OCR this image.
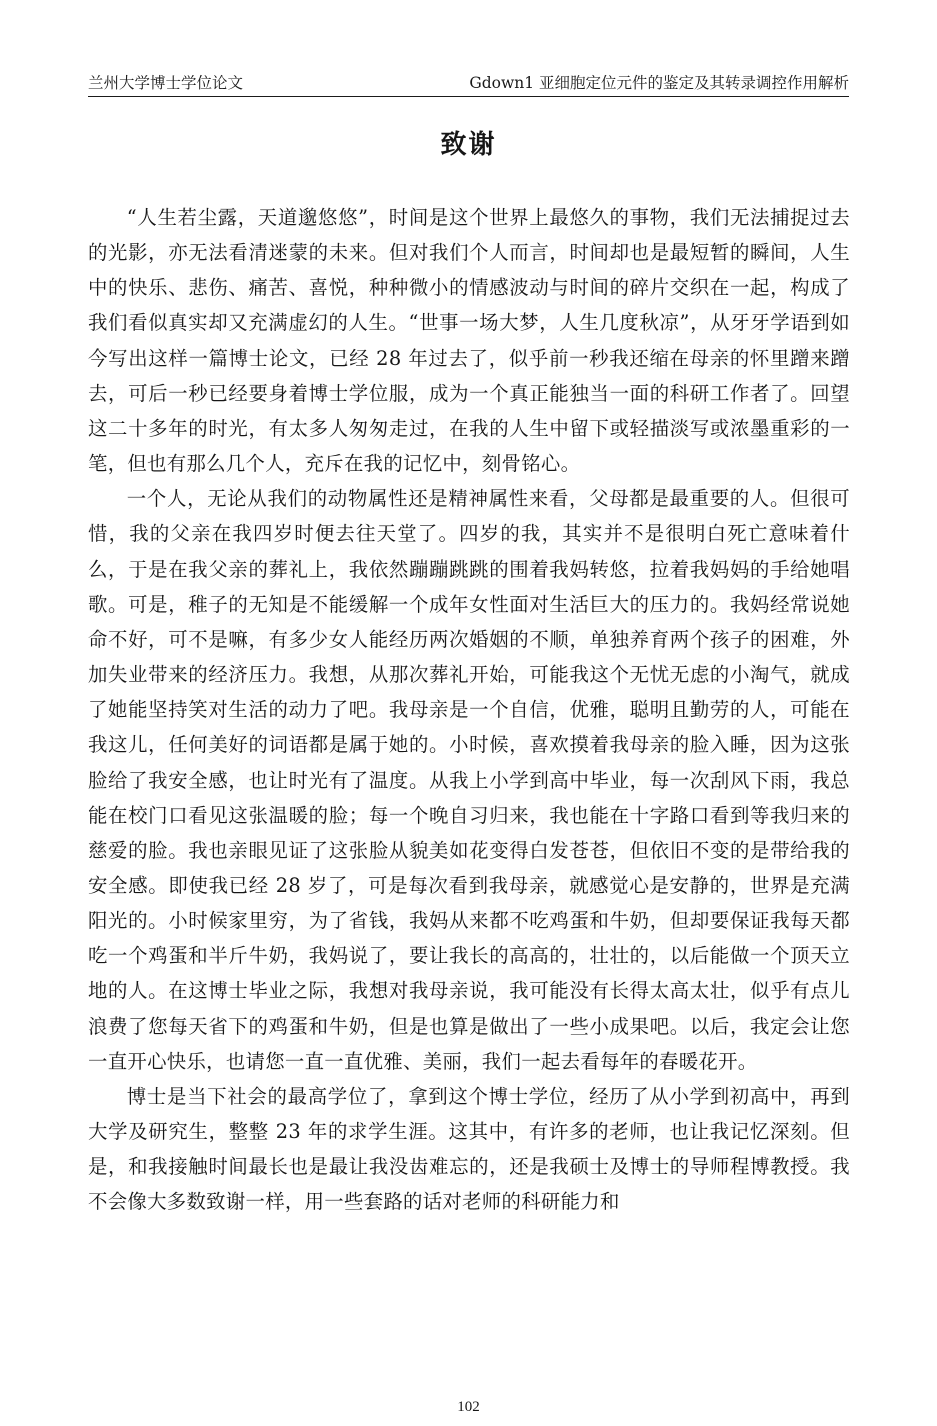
兰州大学博士学位论文	Gdown1 亚细胞定位元件的鉴定及其转录调控作用解析
致谢

“人生若尘露，天道邈悠悠”，时间是这个世界上最悠久的事物，我们无法捕捉过去的光影，亦无法看清迷蒙的未来。但对我们个人而言，时间却也是最短暂的瞬间，人生中的快乐、悲伤、痛苦、喜悦，种种微小的情感波动与时间的碎片交织在一起，构成了我们看似真实却又充满虚幻的人生。“世事一场大梦，人生几度秋凉”，从牙牙学语到如今写出这样一篇博士论文，已经 28 年过去了，似乎前一秒我还缩在母亲的怀里蹭来蹭去，可后一秒已经要身着博士学位服，成为一个真正能独当一面的科研工作者了。回望这二十多年的时光，有太多人匆匆走过，在我的人生中留下或轻描淡写或浓墨重彩的一笔，但也有那么几个人，充斥在我的记忆中，刻骨铭心。

一个人，无论从我们的动物属性还是精神属性来看，父母都是最重要的人。但很可惜，我的父亲在我四岁时便去往天堂了。四岁的我，其实并不是很明白死亡意味着什么，于是在我父亲的葬礼上，我依然蹦蹦跳跳的围着我妈转悠，拉着我妈妈的手给她唱歌。可是，稚子的无知是不能缓解一个成年女性面对生活巨大的压力的。我妈经常说她命不好，可不是嘛，有多少女人能经历两次婚姻的不顺，单独养育两个孩子的困难，外加失业带来的经济压力。我想，从那次葬礼开始，可能我这个无忧无虑的小淘气，就成了她能坚持笑对生活的动力了吧。我母亲是一个自信，优雅，聪明且勤劳的人，可能在我这儿，任何美好的词语都是属于她的。小时候，喜欢摸着我母亲的脸入睡，因为这张脸给了我安全感，也让时光有了温度。从我上小学到高中毕业，每一次刮风下雨，我总能在校门口看见这张温暖的脸；每一个晚自习归来，我也能在十字路口看到等我归来的慈爱的脸。我也亲眼见证了这张脸从貌美如花变得白发苍苍，但依旧不变的是带给我的安全感。即使我已经 28 岁了，可是每次看到我母亲，就感觉心是安静的，世界是充满阳光的。小时候家里穷，为了省钱，我妈从来都不吃鸡蛋和牛奶，但却要保证我每天都吃一个鸡蛋和半斤牛奶，我妈说了，要让我长的高高的，壮壮的，以后能做一个顶天立地的人。在这博士毕业之际，我想对我母亲说，我可能没有长得太高太壮，似乎有点儿浪费了您每天省下的鸡蛋和牛奶，但是也算是做出了一些小成果吧。以后，我定会让您一直开心快乐，也请您一直一直优雅、美丽，我们一起去看每年的春暖花开。

博士是当下社会的最高学位了，拿到这个博士学位，经历了从小学到初高中，再到大学及研究生，整整 23 年的求学生涯。这其中，有许多的老师，也让我记忆深刻。但是，和我接触时间最长也是最让我没齿难忘的，还是我硕士及博士的导师程博教授。我不会像大多数致谢一样，用一些套路的话对老师的科研能力和

102
